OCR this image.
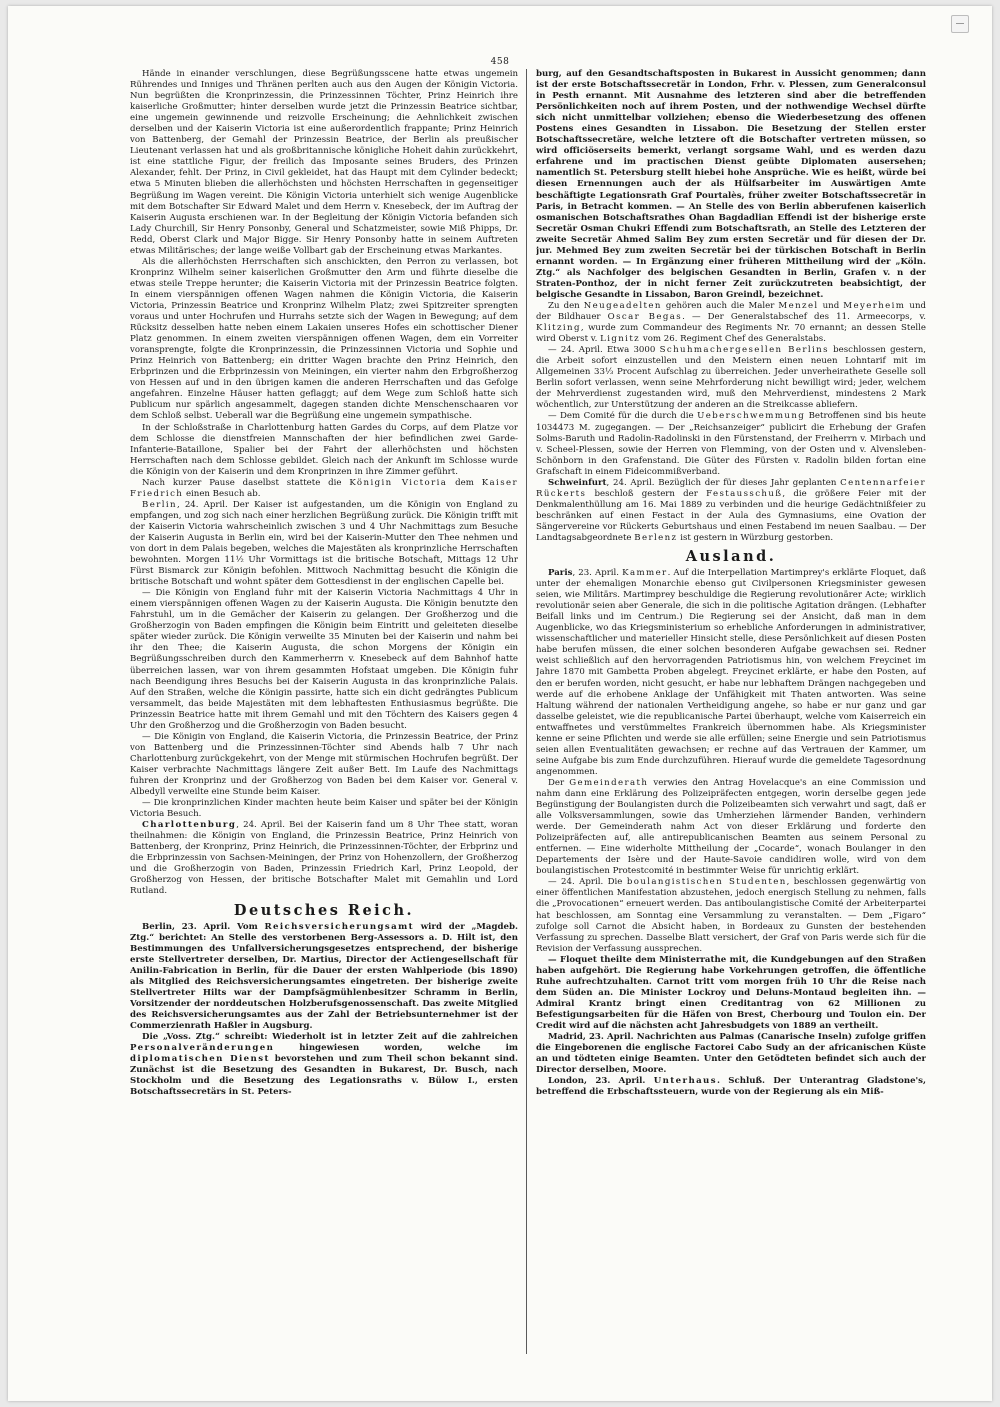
458

Hände in einander verschlungen, diese Begrüßungsscene hatte etwas ungemein Rührendes und Inniges und Thränen perlten auch aus den Augen der Königin Victoria. Nun begrüßten die Kronprinzessin, die Prinzessinnen Töchter, Prinz Heinrich ihre kaiserliche Großmutter; hinter derselben wurde jetzt die Prinzessin Beatrice sichtbar, eine ungemein gewinnende und reizvolle Erscheinung; die Aehnlichkeit zwischen derselben und der Kaiserin Victoria ist eine außerordentlich frappante; Prinz Heinrich von Battenberg, der Gemahl der Prinzessin Beatrice, der Berlin als preußischer Lieutenant verlassen hat und als großbritannische königliche Hoheit dahin zurückkehrt, ist eine stattliche Figur, der freilich das Imposante seines Bruders, des Prinzen Alexander, fehlt. Der Prinz, in Civil gekleidet, hat das Haupt mit dem Cylinder bedeckt; etwa 5 Minuten blieben die allerhöchsten und höchsten Herrschaften in gegenseitiger Begrüßung im Wagen vereint. Die Königin Victoria unterhielt sich wenige Augenblicke mit dem Botschafter Sir Edward Malet und dem Herrn v. Knesebeck, der im Auftrag der Kaiserin Augusta erschienen war. In der Begleitung der Königin Victoria befanden sich Lady Churchill, Sir Henry Ponsonby, General und Schatzmeister, sowie Miß Phipps, Dr. Redd, Oberst Clark und Major Bigge. Sir Henry Ponsonby hatte in seinem Auftreten etwas Militärisches; der lange weiße Vollbart gab der Erscheinung etwas Markantes.

Als die allerhöchsten Herrschaften sich anschickten, den Perron zu verlassen, bot Kronprinz Wilhelm seiner kaiserlichen Großmutter den Arm und führte dieselbe die etwas steile Treppe herunter; die Kaiserin Victoria mit der Prinzessin Beatrice folgten. In einem vierspännigen offenen Wagen nahmen die Königin Victoria, die Kaiserin Victoria, Prinzessin Beatrice und Kronprinz Wilhelm Platz; zwei Spitzreiter sprengten voraus und unter Hochrufen und Hurrahs setzte sich der Wagen in Bewegung; auf dem Rücksitz desselben hatte neben einem Lakaien unseres Hofes ein schottischer Diener Platz genommen. In einem zweiten vierspännigen offenen Wagen, dem ein Vorreiter voransprengte, folgte die Kronprinzessin, die Prinzessinnen Victoria und Sophie und Prinz Heinrich von Battenberg; ein dritter Wagen brachte den Prinz Heinrich, den Erbprinzen und die Erbprinzessin von Meiningen, ein vierter nahm den Erbgroßherzog von Hessen auf und in den übrigen kamen die anderen Herrschaften und das Gefolge angefahren. Einzelne Häuser hatten geflaggt; auf dem Wege zum Schloß hatte sich Publicum nur spärlich angesammelt, dagegen standen dichte Menschenschaaren vor dem Schloß selbst. Ueberall war die Begrüßung eine ungemein sympathische.

In der Schloßstraße in Charlottenburg hatten Gardes du Corps, auf dem Platze vor dem Schlosse die dienstfreien Mannschaften der hier befindlichen zwei Garde-Infanterie-Bataillone, Spalier bei der Fahrt der allerhöchsten und höchsten Herrschaften nach dem Schlosse gebildet. Gleich nach der Ankunft im Schlosse wurde die Königin von der Kaiserin und dem Kronprinzen in ihre Zimmer geführt.

Nach kurzer Pause daselbst stattete die Königin Victoria dem Kaiser Friedrich einen Besuch ab.

Berlin, 24. April. Der Kaiser ist aufgestanden, um die Königin von England zu empfangen, und zog sich nach einer herzlichen Begrüßung zurück. Die Königin trifft mit der Kaiserin Victoria wahrscheinlich zwischen 3 und 4 Uhr Nachmittags zum Besuche der Kaiserin Augusta in Berlin ein, wird bei der Kaiserin-Mutter den Thee nehmen und von dort in dem Palais begeben, welches die Majestäten als kronprinzliche Herrschaften bewohnten. Morgen 11½ Uhr Vormittags ist die britische Botschaft, Mittags 12 Uhr Fürst Bismarck zur Königin befohlen. Mittwoch Nachmittag besucht die Königin die britische Botschaft und wohnt später dem Gottesdienst in der englischen Capelle bei.

— Die Königin von England fuhr mit der Kaiserin Victoria Nachmittags 4 Uhr in einem vierspännigen offenen Wagen zu der Kaiserin Augusta. Die Königin benutzte den Fahrstuhl, um in die Gemächer der Kaiserin zu gelangen. Der Großherzog und die Großherzogin von Baden empfingen die Königin beim Eintritt und geleiteten dieselbe später wieder zurück. Die Königin verweilte 35 Minuten bei der Kaiserin und nahm bei ihr den Thee; die Kaiserin Augusta, die schon Morgens der Königin ein Begrüßungsschreiben durch den Kammerherrn v. Knesebeck auf dem Bahnhof hatte überreichen lassen, war von ihrem gesammten Hofstaat umgeben. Die Königin fuhr nach Beendigung ihres Besuchs bei der Kaiserin Augusta in das kronprinzliche Palais. Auf den Straßen, welche die Königin passirte, hatte sich ein dicht gedrängtes Publicum versammelt, das beide Majestäten mit dem lebhaftesten Enthusiasmus begrüßte. Die Prinzessin Beatrice hatte mit ihrem Gemahl und mit den Töchtern des Kaisers gegen 4 Uhr den Großherzog und die Großherzogin von Baden besucht.

— Die Königin von England, die Kaiserin Victoria, die Prinzessin Beatrice, der Prinz von Battenberg und die Prinzessinnen-Töchter sind Abends halb 7 Uhr nach Charlottenburg zurückgekehrt, von der Menge mit stürmischen Hochrufen begrüßt. Der Kaiser verbrachte Nachmittags längere Zeit außer Bett. Im Laufe des Nachmittags fuhren der Kronprinz und der Großherzog von Baden bei dem Kaiser vor. General v. Albedyll verweilte eine Stunde beim Kaiser.

— Die kronprinzlichen Kinder machten heute beim Kaiser und später bei der Königin Victoria Besuch.

Charlottenburg, 24. April. Bei der Kaiserin fand um 8 Uhr Thee statt, woran theilnahmen: die Königin von England, die Prinzessin Beatrice, Prinz Heinrich von Battenberg, der Kronprinz, Prinz Heinrich, die Prinzessinnen-Töchter, der Erbprinz und die Erbprinzessin von Sachsen-Meiningen, der Prinz von Hohenzollern, der Großherzog und die Großherzogin von Baden, Prinzessin Friedrich Karl, Prinz Leopold, der Großherzog von Hessen, der britische Botschafter Malet mit Gemahlin und Lord Rutland.

Deutsches Reich.

Berlin, 23. April. Vom Reichsversicherungsamt wird der „Magdeb. Ztg.“ berichtet: An Stelle des verstorbenen Berg-Assessors a. D. Hilt ist, den Bestimmungen des Unfallversicherungsgesetzes entsprechend, der bisherige erste Stellvertreter derselben, Dr. Martius, Director der Actiengesellschaft für Anilin-Fabrication in Berlin, für die Dauer der ersten Wahlperiode (bis 1890) als Mitglied des Reichsversicherungsamtes eingetreten. Der bisherige zweite Stellvertreter Hilts war der Dampfsägmühlenbesitzer Schramm in Berlin, Vorsitzender der norddeutschen Holzberufsgenossenschaft. Das zweite Mitglied des Reichsversicherungsamtes aus der Zahl der Betriebsunternehmer ist der Commerzienrath Haßler in Augsburg.

Die „Voss. Ztg.“ schreibt: Wiederholt ist in letzter Zeit auf die zahlreichen Personalveränderungen hingewiesen worden, welche im diplomatischen Dienst bevorstehen und zum Theil schon bekannt sind. Zunächst ist die Besetzung des Gesandten in Bukarest, Dr. Busch, nach Stockholm und die Besetzung des Legationsraths v. Bülow I., ersten Botschaftssecretärs in St. Peters-

burg, auf den Gesandtschaftsposten in Bukarest in Aussicht genommen; dann ist der erste Botschaftssecretär in London, Frhr. v. Plessen, zum Generalconsul in Pesth ernannt. Mit Ausnahme des letzteren sind aber die betreffenden Persönlichkeiten noch auf ihrem Posten, und der nothwendige Wechsel dürfte sich nicht unmittelbar vollziehen; ebenso die Wiederbesetzung des offenen Postens eines Gesandten in Lissabon. Die Besetzung der Stellen erster Botschaftssecretäre, welche letztere oft die Botschafter vertreten müssen, so wird officiöserseits bemerkt, verlangt sorgsame Wahl, und es werden dazu erfahrene und im practischen Dienst geübte Diplomaten ausersehen; namentlich St. Petersburg stellt hiebei hohe Ansprüche. Wie es heißt, würde bei diesen Ernennungen auch der als Hülfsarbeiter im Auswärtigen Amte beschäftigte Legationsrath Graf Pourtalès, früher zweiter Botschaftssecretär in Paris, in Betracht kommen. — An Stelle des von Berlin abberufenen kaiserlich osmanischen Botschaftsrathes Ohan Bagdadlian Effendi ist der bisherige erste Secretär Osman Chukri Effendi zum Botschaftsrath, an Stelle des Letzteren der zweite Secretär Ahmed Salim Bey zum ersten Secretär und für diesen der Dr. jur. Mehmed Bey zum zweiten Secretär bei der türkischen Botschaft in Berlin ernannt worden. — In Ergänzung einer früheren Mittheilung wird der „Köln. Ztg.“ als Nachfolger des belgischen Gesandten in Berlin, Grafen v. n der Straten-Ponthoz, der in nicht ferner Zeit zurückzutreten beabsichtigt, der belgische Gesandte in Lissabon, Baron Greindl, bezeichnet.

Zu den Neugeadelten gehören auch die Maler Menzel und Meyerheim und der Bildhauer Oscar Begas. — Der Generalstabschef des 11. Armeecorps, v. Klitzing, wurde zum Commandeur des Regiments Nr. 70 ernannt; an dessen Stelle wird Oberst v. Lignitz vom 26. Regiment Chef des Generalstabs.

— 24. April. Etwa 3000 Schuhmachergesellen Berlins beschlossen gestern, die Arbeit sofort einzustellen und den Meistern einen neuen Lohntarif mit im Allgemeinen 33⅓ Procent Aufschlag zu überreichen. Jeder unverheirathete Geselle soll Berlin sofort verlassen, wenn seine Mehrforderung nicht bewilligt wird; jeder, welchem der Mehrverdienst zugestanden wird, muß den Mehrverdienst, mindestens 2 Mark wöchentlich, zur Unterstützung der anderen an die Streikcasse abliefern.

— Dem Comité für die durch die Ueberschwemmung Betroffenen sind bis heute 1034473 M. zugegangen. — Der „Reichsanzeiger“ publicirt die Erhebung der Grafen Solms-Baruth und Radolin-Radolinski in den Fürstenstand, der Freiherrn v. Mirbach und v. Scheel-Plessen, sowie der Herren von Flemming, von der Osten und v. Alvensleben-Schönborn in den Grafenstand. Die Güter des Fürsten v. Radolin bilden fortan eine Grafschaft in einem Fideicommißverband.

Schweinfurt, 24. April. Bezüglich der für dieses Jahr geplanten Centennarfeier Rückerts beschloß gestern der Festausschuß, die größere Feier mit der Denkmalenthüllung am 16. Mai 1889 zu verbinden und die heurige Gedächtnißfeier zu beschränken auf einen Festact in der Aula des Gymnasiums, eine Ovation der Sängervereine vor Rückerts Geburtshaus und einen Festabend im neuen Saalbau. — Der Landtagsabgeordnete Berlenz ist gestern in Würzburg gestorben.

Ausland.

Paris, 23. April. Kammer. Auf die Interpellation Martimprey's erklärte Floquet, daß unter der ehemaligen Monarchie ebenso gut Civilpersonen Kriegsminister gewesen seien, wie Militärs. Martimprey beschuldige die Regierung revolutionärer Acte; wirklich revolutionär seien aber Generale, die sich in die politische Agitation drängen. (Lebhafter Beifall links und im Centrum.) Die Regierung sei der Ansicht, daß man in dem Augenblicke, wo das Kriegsministerium so erhebliche Anforderungen in administrativer, wissenschaftlicher und materieller Hinsicht stelle, diese Persönlichkeit auf diesen Posten habe berufen müssen, die einer solchen besonderen Aufgabe gewachsen sei. Redner weist schließlich auf den hervorragenden Patriotismus hin, von welchem Freycinet im Jahre 1870 mit Gambetta Proben abgelegt. Freycinet erklärte, er habe den Posten, auf den er berufen worden, nicht gesucht, er habe nur lebhaftem Drängen nachgegeben und werde auf die erhobene Anklage der Unfähigkeit mit Thaten antworten. Was seine Haltung während der nationalen Vertheidigung angehe, so habe er nur ganz und gar dasselbe geleistet, wie die republicanische Partei überhaupt, welche vom Kaiserreich ein entwaffnetes und verstümmeltes Frankreich übernommen habe. Als Kriegsminister kenne er seine Pflichten und werde sie alle erfüllen; seine Energie und sein Patriotismus seien allen Eventualitäten gewachsen; er rechne auf das Vertrauen der Kammer, um seine Aufgabe bis zum Ende durchzuführen. Hierauf wurde die gemeldete Tagesordnung angenommen.

Der Gemeinderath verwies den Antrag Hovelacque's an eine Commission und nahm dann eine Erklärung des Polizeipräfecten entgegen, worin derselbe gegen jede Begünstigung der Boulangisten durch die Polizeibeamten sich verwahrt und sagt, daß er alle Volksversammlungen, sowie das Umherziehen lärmender Banden, verhindern werde. Der Gemeinderath nahm Act von dieser Erklärung und forderte den Polizeipräfecten auf, alle antirepublicanischen Beamten aus seinem Personal zu entfernen. — Eine widerholte Mittheilung der „Cocarde“, wonach Boulanger in den Departements der Isère und der Haute-Savoie candidiren wolle, wird von dem boulangistischen Protestcomité in bestimmter Weise für unrichtig erklärt.

— 24. April. Die boulangistischen Studenten, beschlossen gegenwärtig von einer öffentlichen Manifestation abzustehen, jedoch energisch Stellung zu nehmen, falls die „Provocationen“ erneuert werden. Das antiboulangistische Comité der Arbeiterpartei hat beschlossen, am Sonntag eine Versammlung zu veranstalten. — Dem „Figaro“ zufolge soll Carnot die Absicht haben, in Bordeaux zu Gunsten der bestehenden Verfassung zu sprechen. Dasselbe Blatt versichert, der Graf von Paris werde sich für die Revision der Verfassung aussprechen.

— Floquet theilte dem Ministerrathe mit, die Kundgebungen auf den Straßen haben aufgehört. Die Regierung habe Vorkehrungen getroffen, die öffentliche Ruhe aufrechtzuhalten. Carnot tritt vom morgen früh 10 Uhr die Reise nach dem Süden an. Die Minister Lockroy und Deluns-Montaud begleiten ihn. — Admiral Krantz bringt einen Creditantrag von 62 Millionen zu Befestigungsarbeiten für die Häfen von Brest, Cherbourg und Toulon ein. Der Credit wird auf die nächsten acht Jahresbudgets von 1889 an vertheilt.

Madrid, 23. April. Nachrichten aus Palmas (Canarische Inseln) zufolge griffen die Eingeborenen die englische Factorei Cabo Sudy an der africanischen Küste an und tödteten einige Beamten. Unter den Getödteten befindet sich auch der Director derselben, Moore.

London, 23. April. Unterhaus. Schluß. Der Unterantrag Gladstone's, betreffend die Erbschaftssteuern, wurde von der Regierung als ein Miß-
